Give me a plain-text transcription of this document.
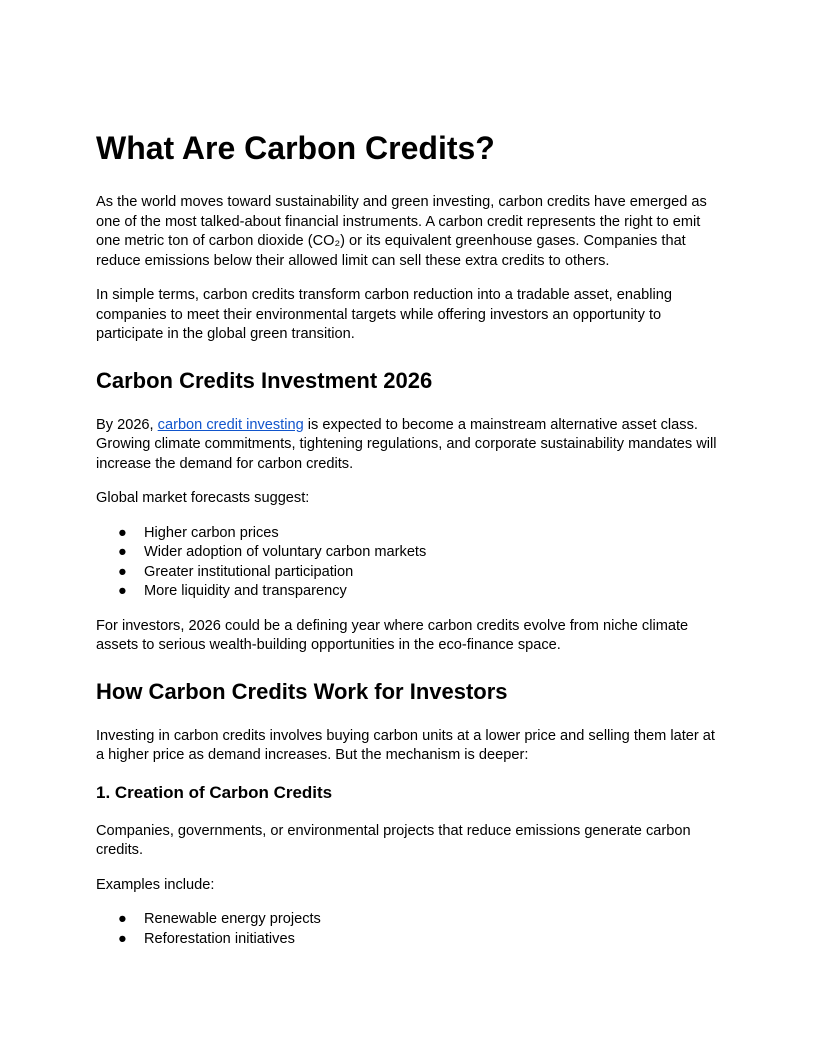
What Are Carbon Credits?

As the world moves toward sustainability and green investing, carbon credits have emerged as one of the most talked-about financial instruments. A carbon credit represents the right to emit one metric ton of carbon dioxide (CO₂) or its equivalent greenhouse gases. Companies that reduce emissions below their allowed limit can sell these extra credits to others.

In simple terms, carbon credits transform carbon reduction into a tradable asset, enabling companies to meet their environmental targets while offering investors an opportunity to participate in the global green transition.

Carbon Credits Investment 2026

By 2026, carbon credit investing is expected to become a mainstream alternative asset class. Growing climate commitments, tightening regulations, and corporate sustainability mandates will increase the demand for carbon credits.

Global market forecasts suggest:

● Higher carbon prices
● Wider adoption of voluntary carbon markets
● Greater institutional participation
● More liquidity and transparency

For investors, 2026 could be a defining year where carbon credits evolve from niche climate assets to serious wealth-building opportunities in the eco-finance space.

How Carbon Credits Work for Investors

Investing in carbon credits involves buying carbon units at a lower price and selling them later at a higher price as demand increases. But the mechanism is deeper:

1. Creation of Carbon Credits

Companies, governments, or environmental projects that reduce emissions generate carbon credits.

Examples include:

● Renewable energy projects
● Reforestation initiatives
